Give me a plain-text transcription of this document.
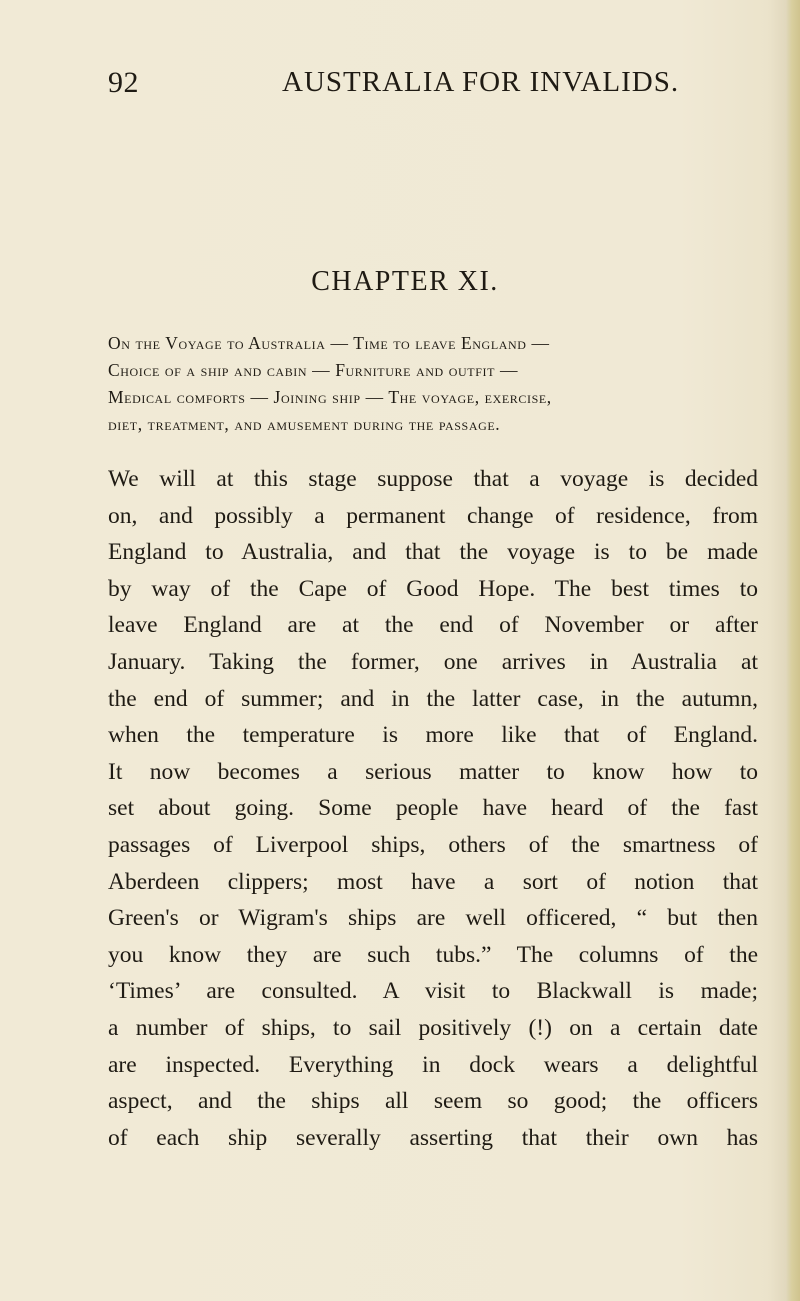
92	AUSTRALIA FOR INVALIDS.
CHAPTER XI.
On the Voyage to Australia — Time to leave England —
Choice of a ship and cabin — Furniture and outfit —
Medical comforts — Joining ship — The voyage, exercise,
diet, treatment, and amusement during the passage.
We will at this stage suppose that a voyage is decided
on, and possibly a permanent change of residence, from
England to Australia, and that the voyage is to be made
by way of the Cape of Good Hope. The best times to
leave England are at the end of November or after
January. Taking the former, one arrives in Australia at
the end of summer; and in the latter case, in the autumn,
when the temperature is more like that of England.
It now becomes a serious matter to know how to
set about going. Some people have heard of the fast
passages of Liverpool ships, others of the smartness of
Aberdeen clippers; most have a sort of notion that
Green's or Wigram's ships are well officered, “ but then
you know they are such tubs.” The columns of the
‘Times’ are consulted. A visit to Blackwall is made;
a number of ships, to sail positively (!) on a certain date
are inspected. Everything in dock wears a delightful
aspect, and the ships all seem so good; the officers
of each ship severally asserting that their own has
